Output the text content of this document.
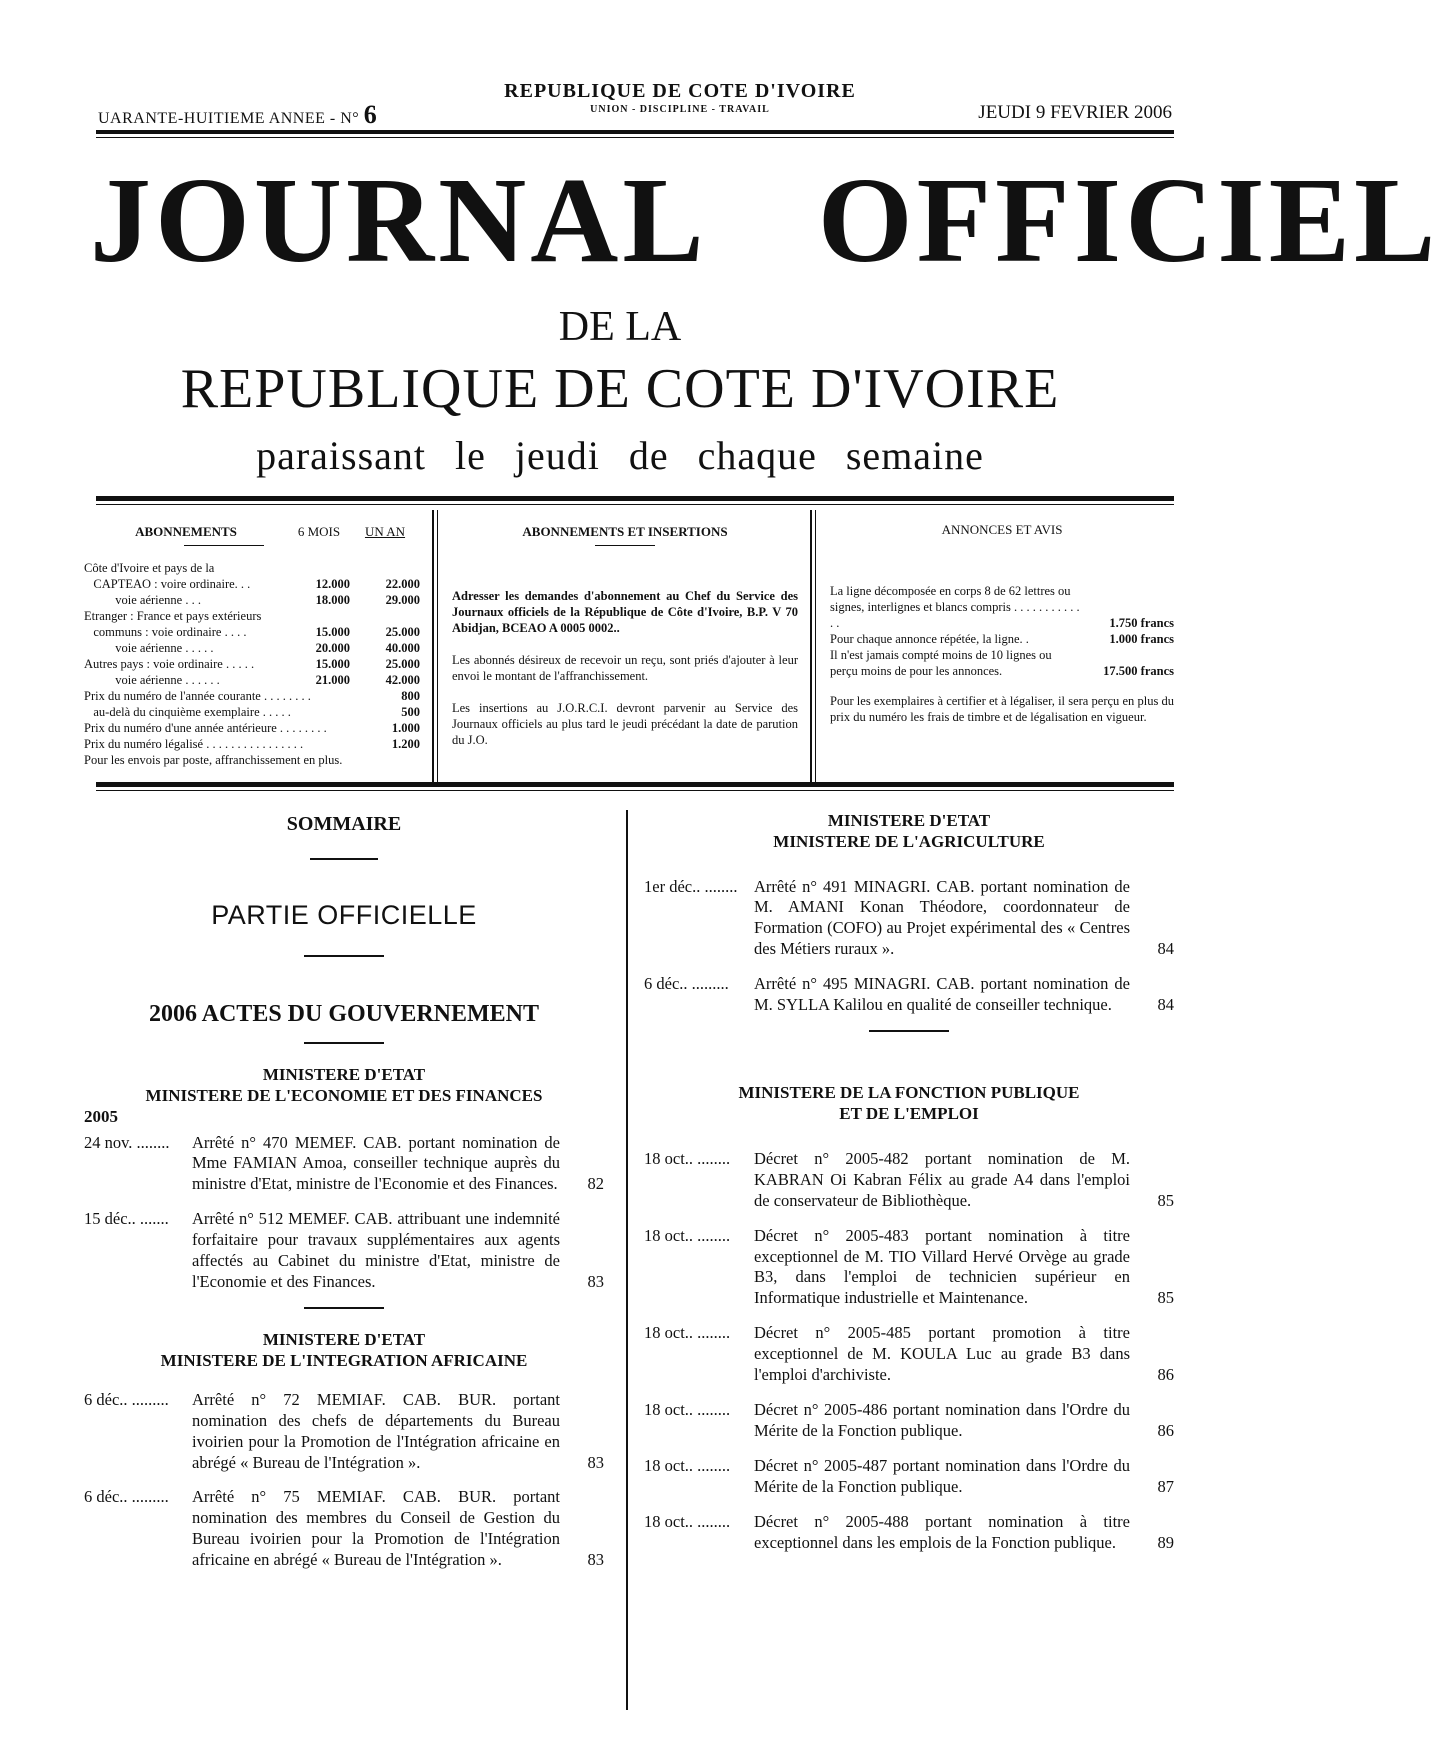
UARANTE-HUITIEME ANNEE - N° 6
REPUBLIQUE DE COTE D'IVOIRE
UNION - DISCIPLINE - TRAVAIL	JEUDI 9 FEVRIER 2006
JOURNAL OFFICIEL
DE LA
REPUBLIQUE DE COTE D'IVOIRE
paraissant le jeudi de chaque semaine
ABONNEMENTS	6 MOIS	UN AN
Côte d'Ivoire et pays de la
CAPTEAO : voire ordinaire. . .	12.000	22.000
voie aérienne . . .	18.000	29.000
Etranger : France et pays extérieurs
communs : voie ordinaire . . . .	15.000	25.000
voie aérienne . . . . .	20.000	40.000
Autres pays : voie ordinaire . . . . .	15.000	25.000
voie aérienne . . . . . .	21.000	42.000
Prix du numéro de l'année courante . . . . . . . .	800
au-delà du cinquième exemplaire . . . . .	500
Prix du numéro d'une année antérieure . . . . . . . .	1.000
Prix du numéro légalisé . . . . . . . . . . . . . . . .	1.200
Pour les envois par poste, affranchissement en plus.
ABONNEMENTS ET INSERTIONS
Adresser les demandes d'abonnement au Chef du Service des Journaux officiels de la République de Côte d'Ivoire, B.P. V 70 Abidjan, BCEAO A 0005 0002..
Les abonnés désireux de recevoir un reçu, sont priés d'ajouter à leur envoi le montant de l'affranchissement.
Les insertions au J.O.R.C.I. devront parvenir au Service des Journaux officiels au plus tard le jeudi précédant la date de parution du J.O.
ANNONCES ET AVIS
La ligne décomposée en corps 8 de 62 lettres ou signes, interlignes et blancs compris . . . . . . . . . . . . .	1.750 francs
Pour chaque annonce répétée, la ligne. .	1.000 francs
Il n'est jamais compté moins de 10 lignes ou perçu moins de pour les annonces.	17.500 francs
Pour les exemplaires à certifier et à légaliser, il sera perçu en plus du prix du numéro les frais de timbre et de légalisation en vigueur.
SOMMAIRE
PARTIE OFFICIELLE
2006 ACTES DU GOUVERNEMENT
MINISTERE D'ETAT
MINISTERE DE L'ECONOMIE ET DES FINANCES
2005
24 nov. ........	Arrêté n° 470 MEMEF. CAB. portant nomination de Mme FAMIAN Amoa, conseiller technique auprès du ministre d'Etat, ministre de l'Economie et des Finances.	82
15 déc.. .......	Arrêté n° 512 MEMEF. CAB. attribuant une indemnité forfaitaire pour travaux supplémentaires aux agents affectés au Cabinet du ministre d'Etat, ministre de l'Economie et des Finances.	83
MINISTERE D'ETAT
MINISTERE DE L'INTEGRATION AFRICAINE
6 déc.. .........	Arrêté n° 72 MEMIAF. CAB. BUR. portant nomination des chefs de départements du Bureau ivoirien pour la Promotion de l'Intégration africaine en abrégé « Bureau de l'Intégration ».	83
6 déc.. .........	Arrêté n° 75 MEMIAF. CAB. BUR. portant nomination des membres du Conseil de Gestion du Bureau ivoirien pour la Promotion de l'Intégration africaine en abrégé « Bureau de l'Intégration ».	83
MINISTERE D'ETAT
MINISTERE DE L'AGRICULTURE
1er déc.. ........	Arrêté n° 491 MINAGRI. CAB. portant nomination de M. AMANI Konan Théodore, coordonnateur de Formation (COFO) au Projet expérimental des « Centres des Métiers ruraux ».	84
6 déc.. .........	Arrêté n° 495 MINAGRI. CAB. portant nomination de M. SYLLA Kalilou en qualité de conseiller technique.	84
MINISTERE DE LA FONCTION PUBLIQUE
ET DE L'EMPLOI
18 oct.. ........	Décret n° 2005-482 portant nomination de M. KABRAN Oi Kabran Félix au grade A4 dans l'emploi de conservateur de Bibliothèque.	85
18 oct.. ........	Décret n° 2005-483 portant nomination à titre exceptionnel de M. TIO Villard Hervé Orvège au grade B3, dans l'emploi de technicien supérieur en Informatique industrielle et Maintenance.	85
18 oct.. ........	Décret n° 2005-485 portant promotion à titre exceptionnel de M. KOULA Luc au grade B3 dans l'emploi d'archiviste.	86
18 oct.. ........	Décret n° 2005-486 portant nomination dans l'Ordre du Mérite de la Fonction publique.	86
18 oct.. ........	Décret n° 2005-487 portant nomination dans l'Ordre du Mérite de la Fonction publique.	87
18 oct.. ........	Décret n° 2005-488 portant nomination à titre exceptionnel dans les emplois de la Fonction publique.	89
